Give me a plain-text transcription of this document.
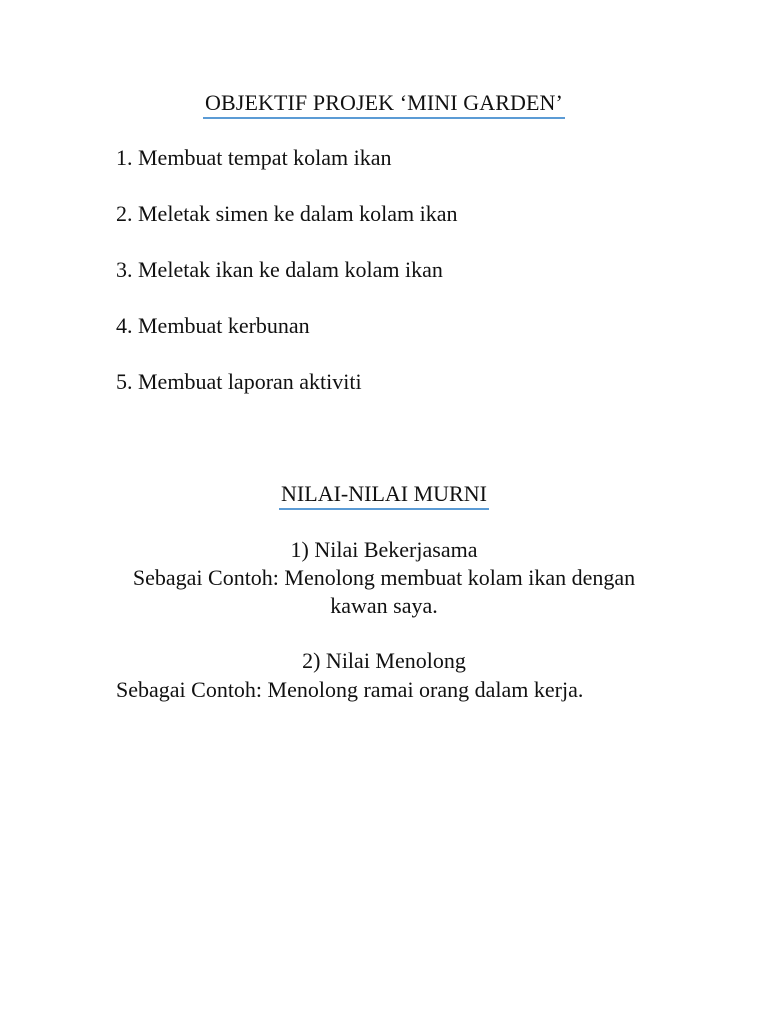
OBJEKTIF PROJEK ‘MINI GARDEN’
1. Membuat tempat kolam ikan
2. Meletak simen ke dalam kolam ikan
3. Meletak ikan ke dalam kolam ikan
4. Membuat kerbunan
5. Membuat laporan aktiviti
NILAI-NILAI MURNI
1) Nilai Bekerjasama
Sebagai Contoh: Menolong membuat kolam ikan dengan kawan saya.
2) Nilai Menolong
Sebagai Contoh: Menolong ramai orang dalam kerja.
